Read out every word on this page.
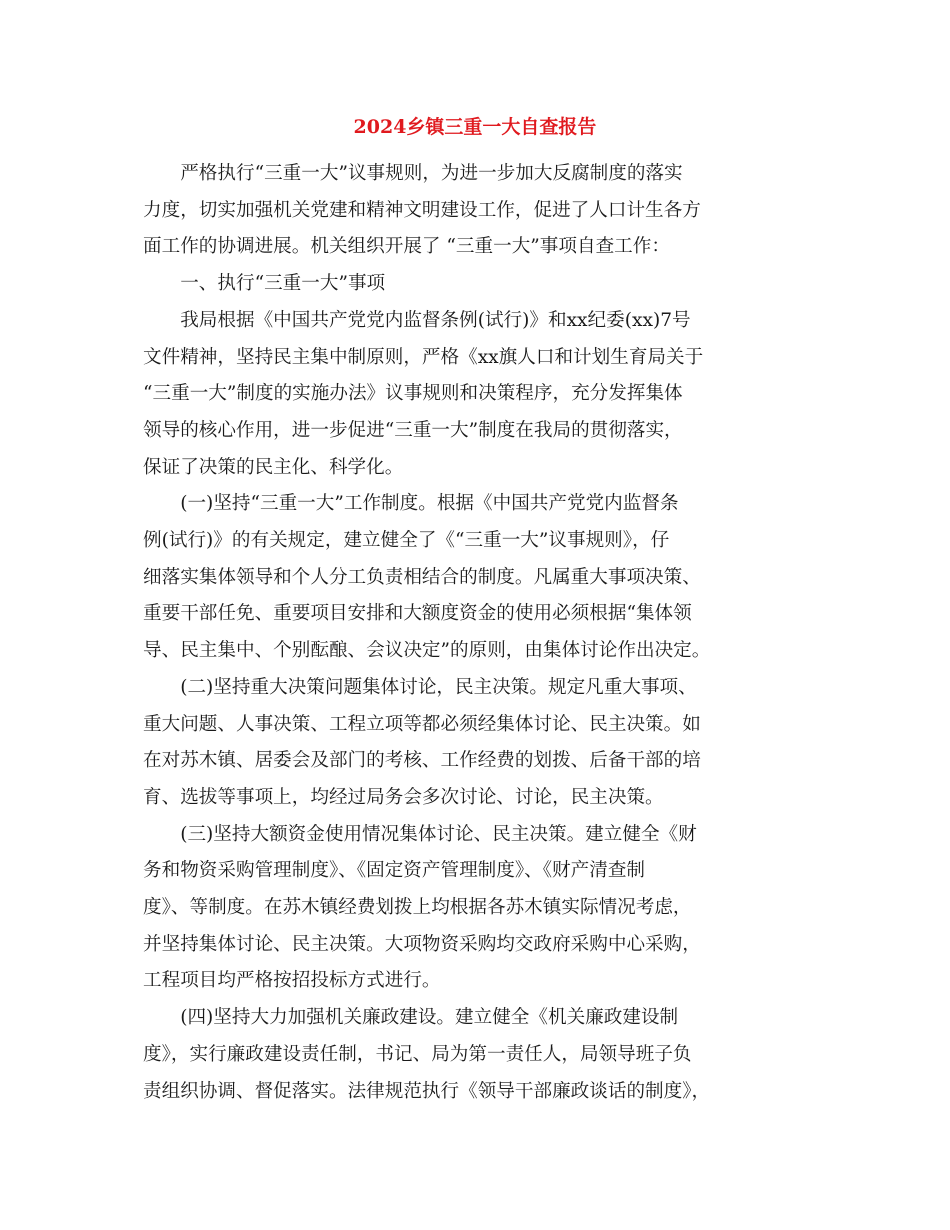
2024乡镇三重一大自查报告

严格执行“三重一大”议事规则，为进一步加大反腐制度的落实
力度，切实加强机关党建和精神文明建设工作，促进了人口计生各方
面工作的协调进展。机关组织开展了 “三重一大”事项自查工作：

一、执行“三重一大”事项

我局根据《中国共产党党内监督条例(试行)》和xx纪委(xx)7号
文件精神，坚持民主集中制原则，严格《xx旗人口和计划生育局关于
“三重一大”制度的实施办法》议事规则和决策程序，充分发挥集体
领导的核心作用，进一步促进“三重一大”制度在我局的贯彻落实，
保证了决策的民主化、科学化。

(一)坚持“三重一大”工作制度。根据《中国共产党党内监督条
例(试行)》的有关规定，建立健全了《“三重一大”议事规则》，仔
细落实集体领导和个人分工负责相结合的制度。凡属重大事项决策、
重要干部任免、重要项目安排和大额度资金的使用必须根据“集体领
导、民主集中、个别酝酿、会议决定”的原则，由集体讨论作出决定。

(二)坚持重大决策问题集体讨论，民主决策。规定凡重大事项、
重大问题、人事决策、工程立项等都必须经集体讨论、民主决策。如
在对苏木镇、居委会及部门的考核、工作经费的划拨、后备干部的培
育、选拔等事项上，均经过局务会多次讨论、讨论，民主决策。

(三)坚持大额资金使用情况集体讨论、民主决策。建立健全《财
务和物资采购管理制度》、《固定资产管理制度》、《财产清查制
度》、等制度。在苏木镇经费划拨上均根据各苏木镇实际情况考虑，
并坚持集体讨论、民主决策。大项物资采购均交政府采购中心采购，
工程项目均严格按招投标方式进行。

(四)坚持大力加强机关廉政建设。建立健全《机关廉政建设制
度》，实行廉政建设责任制，书记、局为第一责任人，局领导班子负
责组织协调、督促落实。法律规范执行《领导干部廉政谈话的制度》，
